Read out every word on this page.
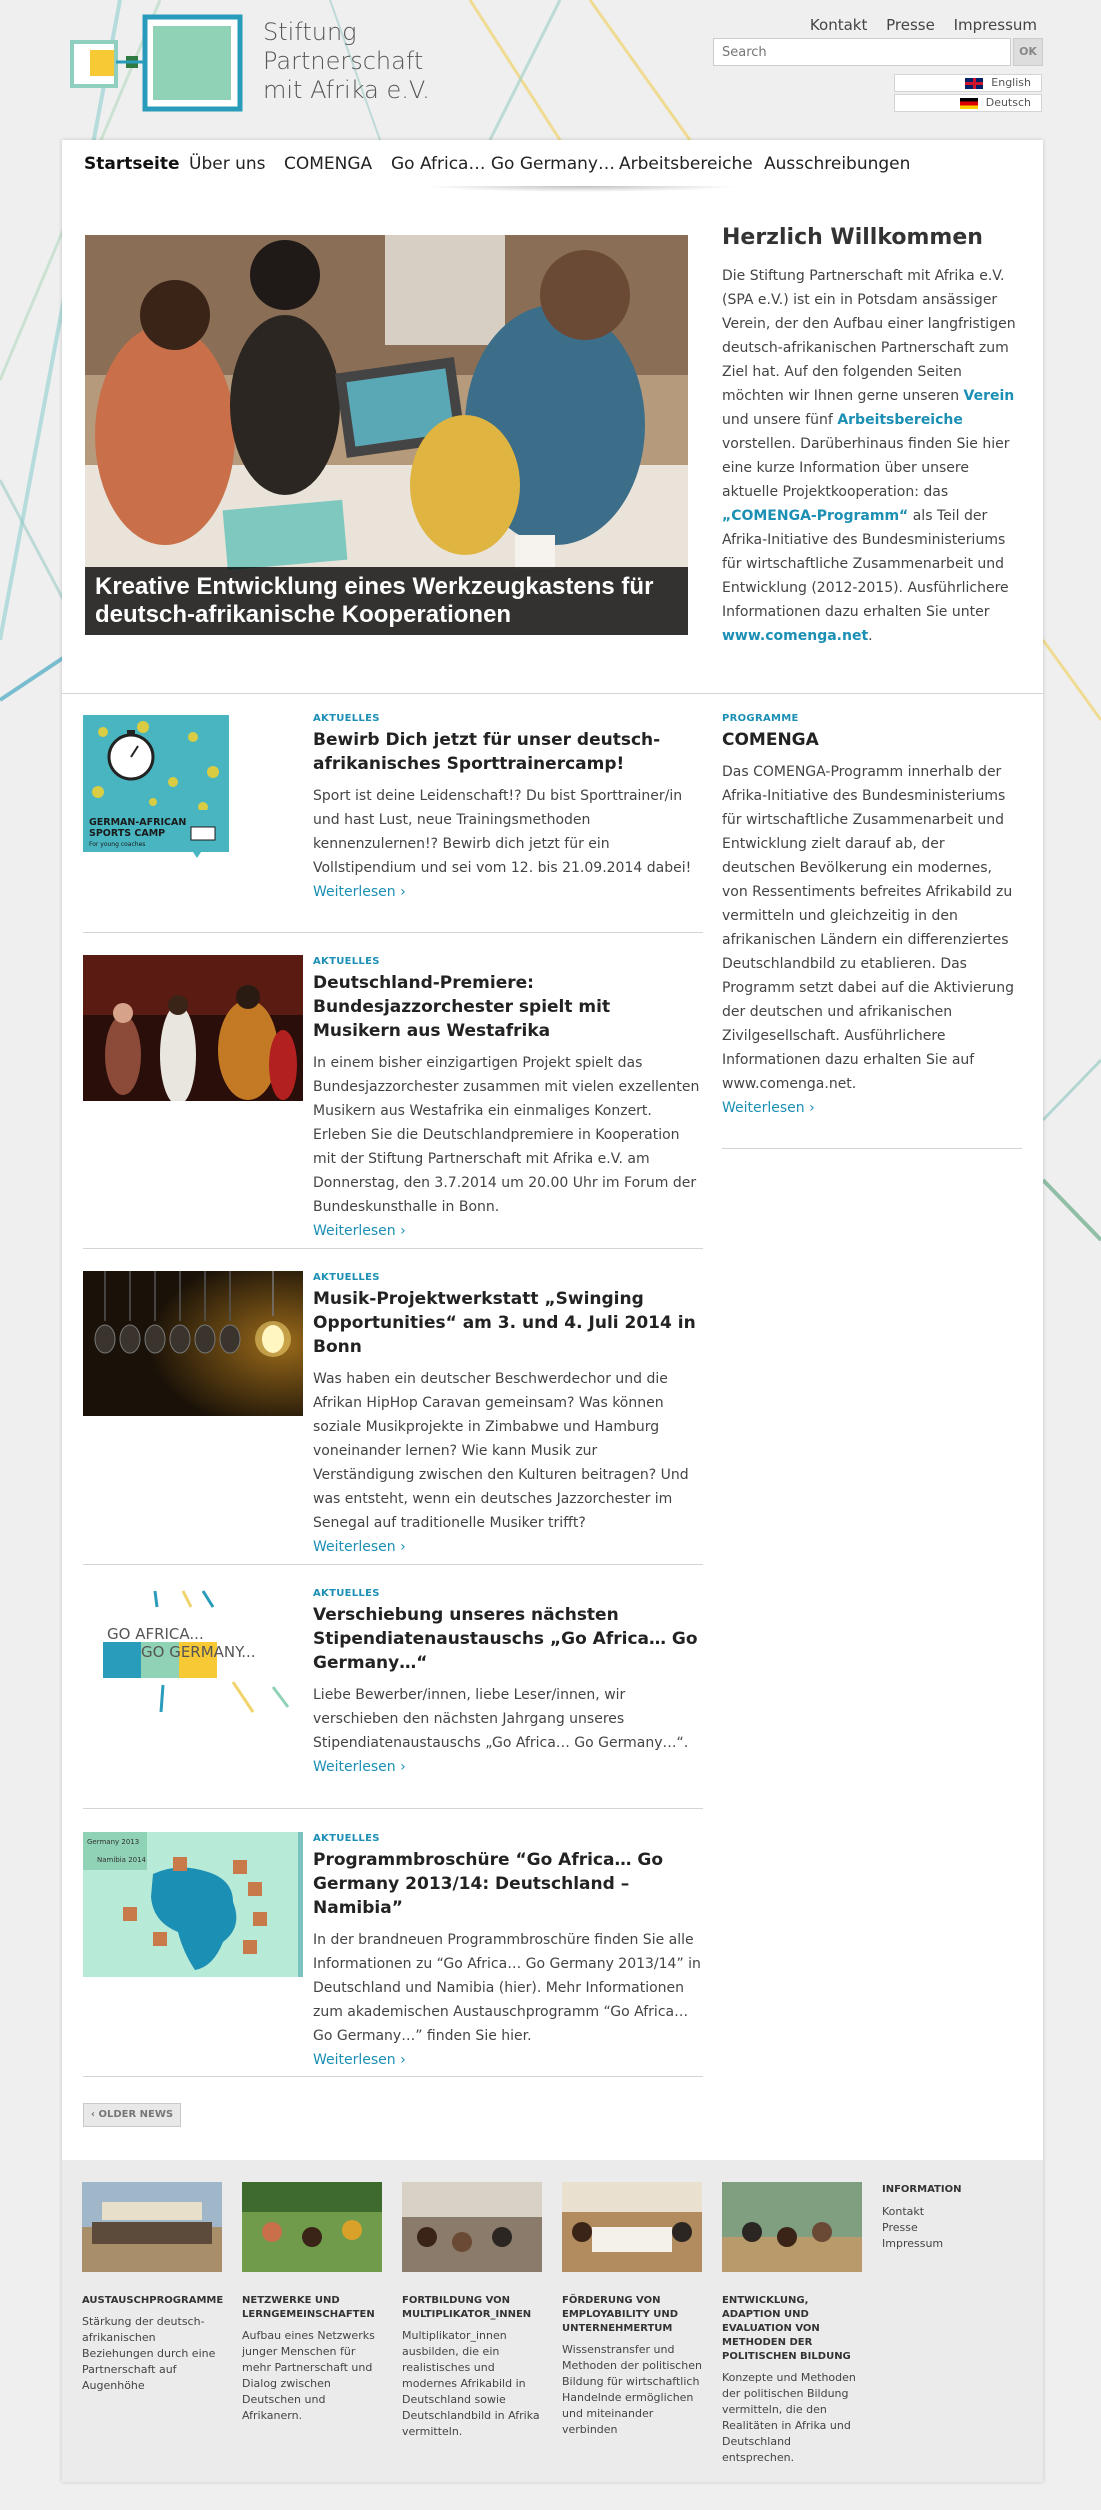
Stiftung
Partnerschaft
mit Afrika e.V.
Kontakt Presse Impressum
Search
OK
English
Deutsch
Startseite Über uns COMENGA Go Africa… Go Germany… Arbeitsbereiche Ausschreibungen
Kreative Entwicklung eines Werkzeugkastens für deutsch-afrikanische Kooperationen
Herzlich Willkommen

Die Stiftung Partnerschaft mit Afrika e.V. (SPA e.V.) ist ein in Potsdam ansässiger Verein, der den Aufbau einer langfristigen deutsch-afrikanischen Partnerschaft zum Ziel hat. Auf den folgenden Seiten möchten wir Ihnen gerne unseren Verein und unsere fünf Arbeitsbereiche vorstellen. Darüberhinaus finden Sie hier eine kurze Information über unsere aktuelle Projektkooperation: das „COMENGA-Programm“ als Teil der Afrika-Initiative des Bundesministeriums für wirtschaftliche Zusammenarbeit und Entwicklung (2012-2015). Ausführlichere Informationen dazu erhalten Sie unter www.comenga.net.

GERMAN-AFRICAN
SPORTS CAMP
For young coaches
AKTUELLES
Bewirb Dich jetzt für unser deutsch-afrikanisches Sporttrainercamp!
Sport ist deine Leidenschaft!? Du bist Sporttrainer/in und hast Lust, neue Trainingsmethoden kennenzulernen!? Bewirb dich jetzt für ein Vollstipendium und sei vom 12. bis 21.09.2014 dabei!
Weiterlesen ›
AKTUELLES
Deutschland-Premiere: Bundesjazzorchester spielt mit Musikern aus Westafrika
In einem bisher einzigartigen Projekt spielt das Bundesjazzorchester zusammen mit vielen exzellenten Musikern aus Westafrika ein einmaliges Konzert. Erleben Sie die Deutschlandpremiere in Kooperation mit der Stiftung Partnerschaft mit Afrika e.V. am Donnerstag, den 3.7.2014 um 20.00 Uhr im Forum der Bundeskunsthalle in Bonn.
Weiterlesen ›
AKTUELLES
Musik-Projektwerkstatt „Swinging Opportunities“ am 3. und 4. Juli 2014 in Bonn
Was haben ein deutscher Beschwerdechor und die Afrikan HipHop Caravan gemeinsam? Was können soziale Musikprojekte in Zimbabwe und Hamburg voneinander lernen? Wie kann Musik zur Verständigung zwischen den Kulturen beitragen? Und was entsteht, wenn ein deutsches Jazzorchester im Senegal auf traditionelle Musiker trifft?
Weiterlesen ›
GO AFRICA...
GO GERMANY...
AKTUELLES
Verschiebung unseres nächsten Stipendiatenaustauschs „Go Africa… Go Germany…“
Liebe Bewerber/innen, liebe Leser/innen, wir verschieben den nächsten Jahrgang unseres Stipendiatenaustauschs „Go Africa… Go Germany…“.
Weiterlesen ›
Germany 2013
Namibia 2014
AKTUELLES
Programmbroschüre “Go Africa… Go Germany 2013/14: Deutschland – Namibia”
In der brandneuen Programmbroschüre finden Sie alle Informationen zu “Go Africa… Go Germany 2013/14” in Deutschland und Namibia (hier). Mehr Informationen zum akademischen Austauschprogramm “Go Africa… Go Germany…” finden Sie hier.
Weiterlesen ›
‹ OLDER NEWS
PROGRAMME
COMENGA
Das COMENGA-Programm innerhalb der Afrika-Initiative des Bundesministeriums für wirtschaftliche Zusammenarbeit und Entwicklung zielt darauf ab, der deutschen Bevölkerung ein modernes, von Ressentiments befreites Afrikabild zu vermitteln und gleichzeitig in den afrikanischen Ländern ein differenziertes Deutschlandbild zu etablieren. Das Programm setzt dabei auf die Aktivierung der deutschen und afrikanischen Zivilgesellschaft. Ausführlichere Informationen dazu erhalten Sie auf www.comenga.net.
Weiterlesen ›
AUSTAUSCHPROGRAMME
Stärkung der deutsch-afrikanischen Beziehungen durch eine Partnerschaft auf Augenhöhe
NETZWERKE UND LERNGEMEINSCHAFTEN
Aufbau eines Netzwerks junger Menschen für mehr Partnerschaft und Dialog zwischen Deutschen und Afrikanern.
FORTBILDUNG VON MULTIPLIKATOR_INNEN
Multiplikator_innen ausbilden, die ein realistisches und modernes Afrikabild in Deutschland sowie Deutschlandbild in Afrika vermitteln.
FÖRDERUNG VON EMPLOYABILITY UND UNTERNEHMERTUM
Wissenstransfer und Methoden der politischen Bildung für wirtschaftlich Handelnde ermöglichen und miteinander verbinden
ENTWICKLUNG, ADAPTION UND EVALUATION VON METHODEN DER POLITISCHEN BILDUNG
Konzepte und Methoden der politischen Bildung vermitteln, die den Realitäten in Afrika und Deutschland entsprechen.
INFORMATION
Kontakt
Presse
Impressum
